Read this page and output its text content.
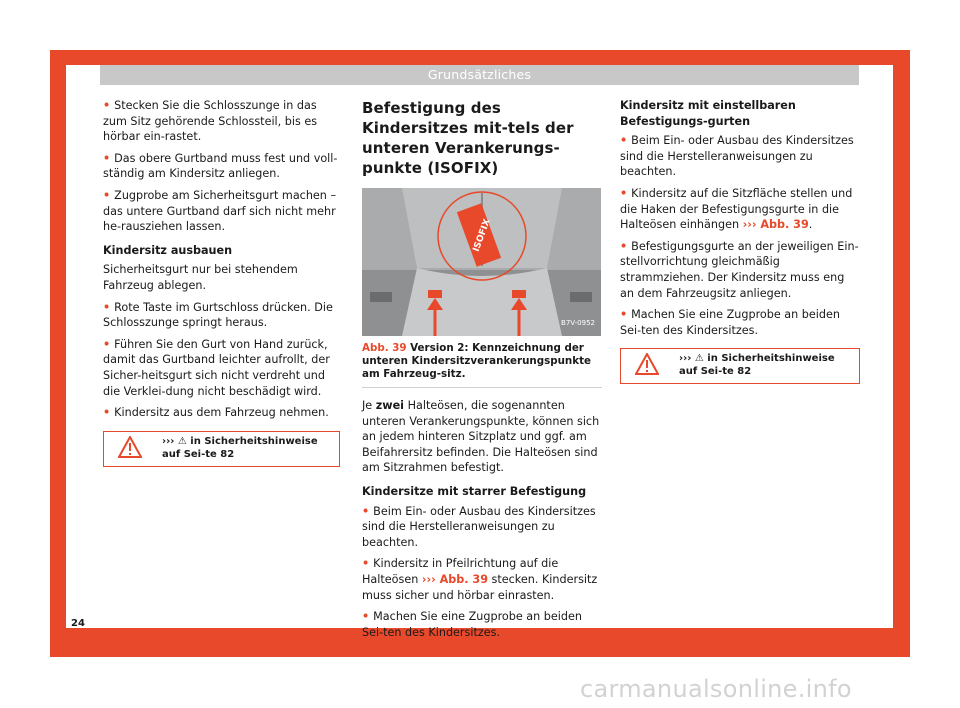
Grundsätzliches

• Stecken Sie die Schlosszunge in das zum Sitz gehörende Schlossteil, bis es hörbar ein-rastet.

• Das obere Gurtband muss fest und voll-ständig am Kindersitz anliegen.

• Zugprobe am Sicherheitsgurt machen – das untere Gurtband darf sich nicht mehr he-rausziehen lassen.

Kindersitz ausbauen

Sicherheitsgurt nur bei stehendem Fahrzeug ablegen.

• Rote Taste im Gurtschloss drücken. Die Schlosszunge springt heraus.

• Führen Sie den Gurt von Hand zurück, damit das Gurtband leichter aufrollt, der Sicher-heitsgurt sich nicht verdreht und die Verklei-dung nicht beschädigt wird.

• Kindersitz aus dem Fahrzeug nehmen.

››› ⚠ in Sicherheitshinweise auf Sei-te 82
Befestigung des Kindersitzes mit-tels der unteren Verankerungs-punkte (ISOFIX)
ISOFIX
B7V-0952
Abb. 39 Version 2: Kennzeichnung der unteren Kindersitzverankerungspunkte am Fahrzeug-sitz.

Je zwei Halteösen, die sogenannten unteren Verankerungspunkte, können sich an jedem hinteren Sitzplatz und ggf. am Beifahrersitz befinden. Die Halteösen sind am Sitzrahmen befestigt.

Kindersitze mit starrer Befestigung

• Beim Ein- oder Ausbau des Kindersitzes sind die Herstelleranweisungen zu beachten.

• Kindersitz in Pfeilrichtung auf die Halteösen ››› Abb. 39 stecken. Kindersitz muss sicher und hörbar einrasten.

• Machen Sie eine Zugprobe an beiden Sei-ten des Kindersitzes.

Kindersitz mit einstellbaren Befestigungs-gurten

• Beim Ein- oder Ausbau des Kindersitzes sind die Herstelleranweisungen zu beachten.

• Kindersitz auf die Sitzfläche stellen und die Haken der Befestigungsgurte in die Halteösen einhängen ››› Abb. 39.

• Befestigungsgurte an der jeweiligen Ein-stellvorrichtung gleichmäßig strammziehen. Der Kindersitz muss eng an dem Fahrzeugsitz anliegen.

• Machen Sie eine Zugprobe an beiden Sei-ten des Kindersitzes.

››› ⚠ in Sicherheitshinweise auf Sei-te 82
24
carmanualsonline.info
